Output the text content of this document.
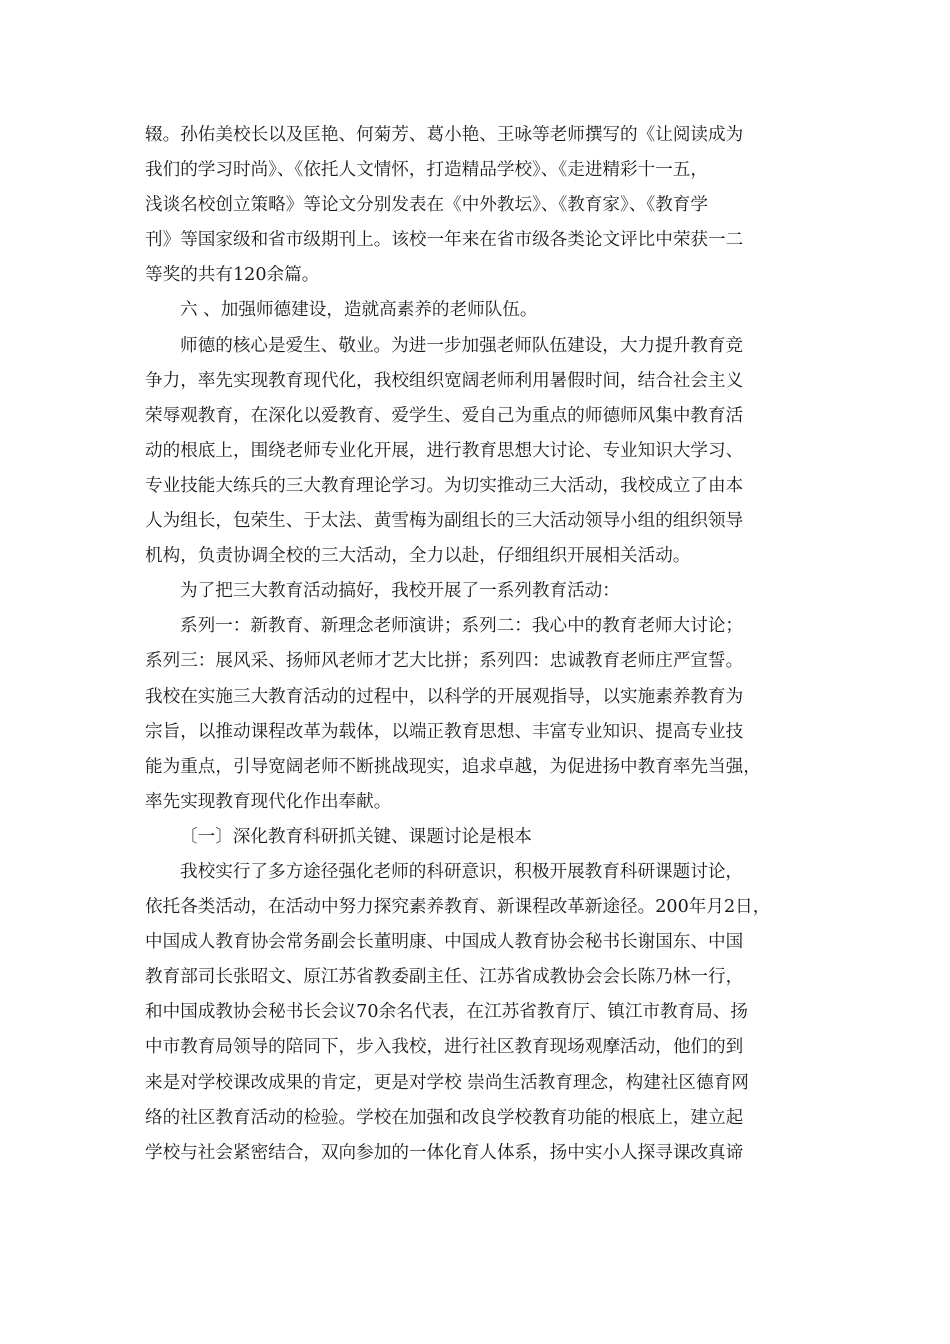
辍。孙佑美校长以及匡艳、何菊芳、葛小艳、王咏等老师撰写的《让阅读成为
我们的学习时尚》、《依托人文情怀，打造精品学校》、《走进精彩十一五，
浅谈名校创立策略》等论文分别发表在《中外教坛》、《教育家》、《教育学
刊》等国家级和省市级期刊上。该校一年来在省市级各类论文评比中荣获一二
等奖的共有120余篇。
六 、加强师德建设，造就高素养的老师队伍。
师德的核心是爱生、敬业。为进一步加强老师队伍建设，大力提升教育竞
争力，率先实现教育现代化，我校组织宽阔老师利用暑假时间，结合社会主义
荣辱观教育，在深化以爱教育、爱学生、爱自己为重点的师德师风集中教育活
动的根底上，围绕老师专业化开展，进行教育思想大讨论、专业知识大学习、
专业技能大练兵的三大教育理论学习。为切实推动三大活动，我校成立了由本
人为组长，包荣生、于太法、黄雪梅为副组长的三大活动领导小组的组织领导
机构，负责协调全校的三大活动，全力以赴，仔细组织开展相关活动。
为了把三大教育活动搞好，我校开展了一系列教育活动：
系列一：新教育、新理念老师演讲；系列二：我心中的教育老师大讨论；
系列三：展风采、扬师风老师才艺大比拼；系列四：忠诚教育老师庄严宣誓。
我校在实施三大教育活动的过程中，以科学的开展观指导，以实施素养教育为
宗旨，以推动课程改革为载体，以端正教育思想、丰富专业知识、提高专业技
能为重点，引导宽阔老师不断挑战现实，追求卓越，为促进扬中教育率先当强，
率先实现教育现代化作出奉献。
〔一〕深化教育科研抓关键、课题讨论是根本
我校实行了多方途径强化老师的科研意识，积极开展教育科研课题讨论，
依托各类活动，在活动中努力探究素养教育、新课程改革新途径。200年月2日，
中国成人教育协会常务副会长董明康、中国成人教育协会秘书长谢国东、中国
教育部司长张昭文、原江苏省教委副主任、江苏省成教协会会长陈乃林一行，
和中国成教协会秘书长会议70余名代表，在江苏省教育厅、镇江市教育局、扬
中市教育局领导的陪同下，步入我校，进行社区教育现场观摩活动，他们的到
来是对学校课改成果的肯定，更是对学校 崇尚生活教育理念，构建社区德育网
络的社区教育活动的检验。学校在加强和改良学校教育功能的根底上，建立起
学校与社会紧密结合，双向参加的一体化育人体系，扬中实小人探寻课改真谛
